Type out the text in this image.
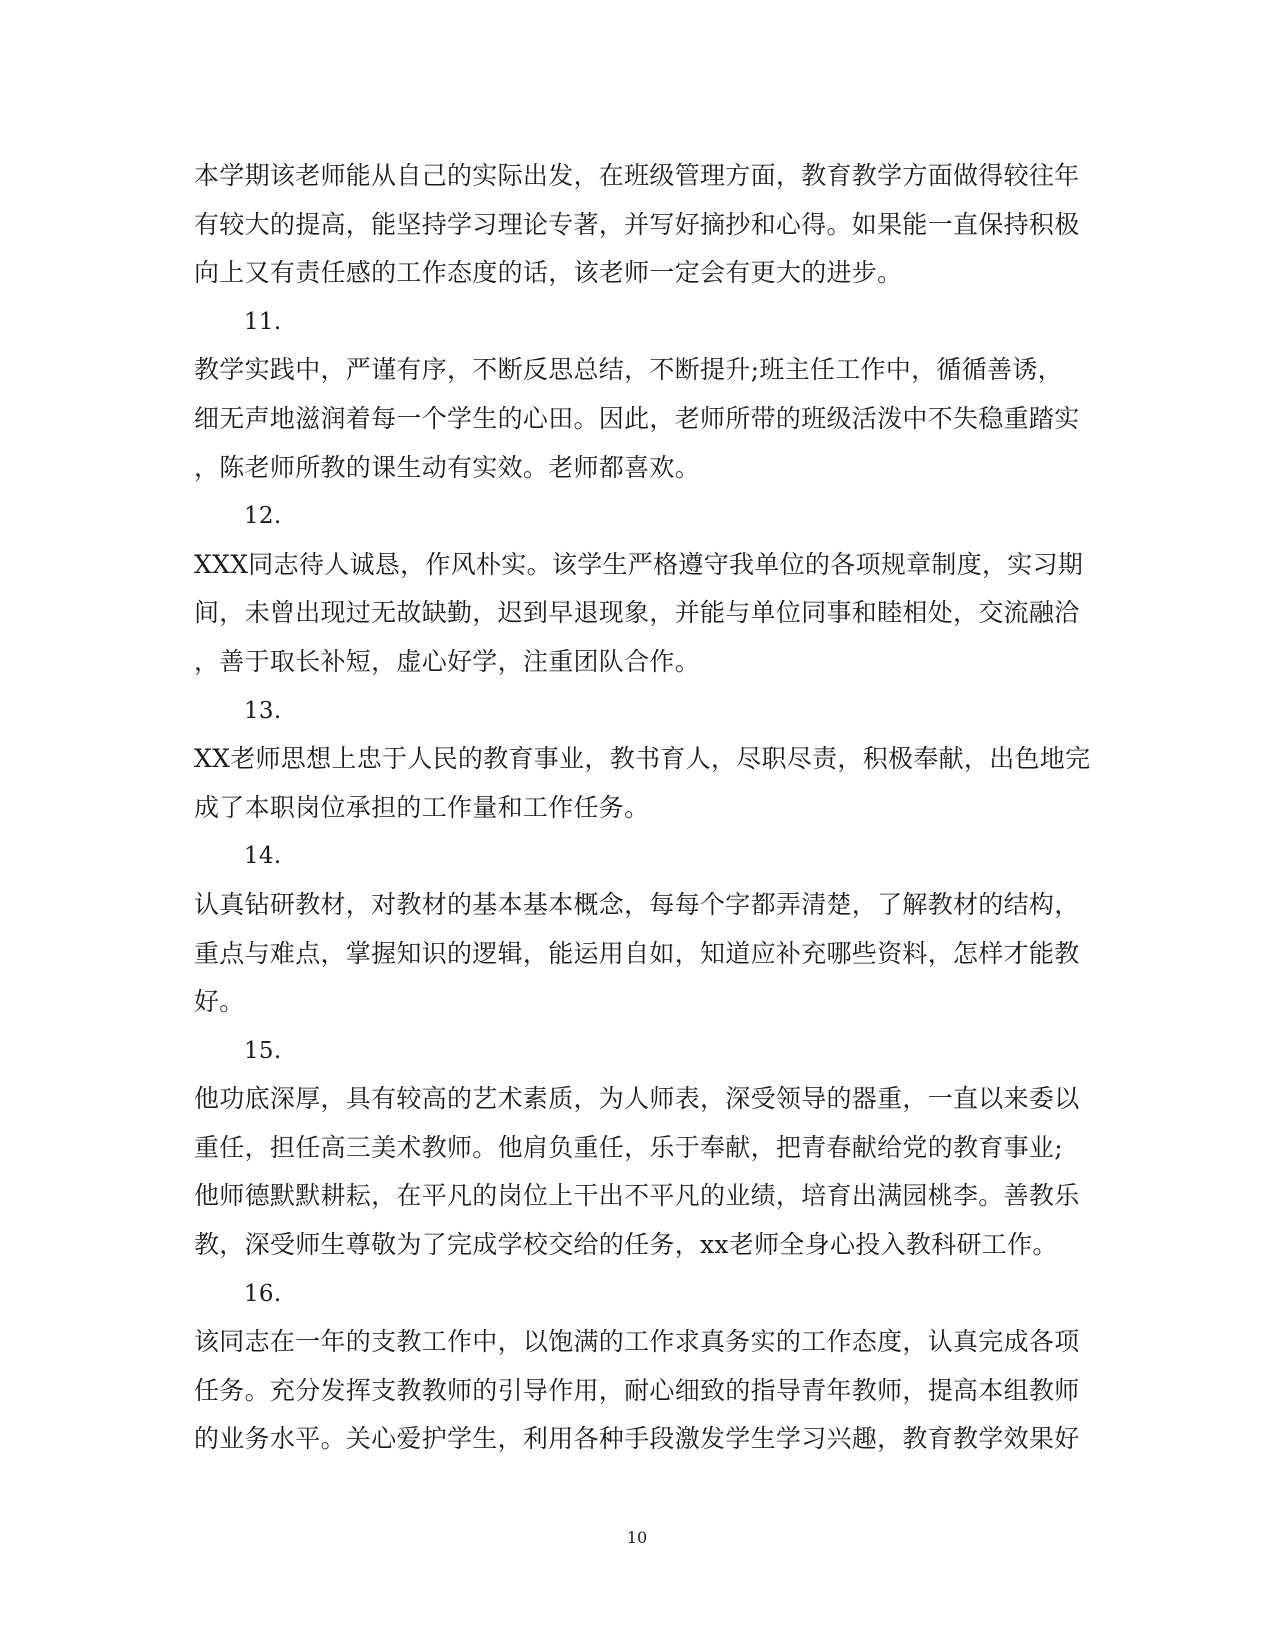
本学期该老师能从自己的实际出发，在班级管理方面，教育教学方面做得较往年
有较大的提高，能坚持学习理论专著，并写好摘抄和心得。如果能一直保持积极
向上又有责任感的工作态度的话，该老师一定会有更大的进步。
11.
教学实践中，严谨有序，不断反思总结，不断提升;班主任工作中，循循善诱，
细无声地滋润着每一个学生的心田。因此，老师所带的班级活泼中不失稳重踏实
，陈老师所教的课生动有实效。老师都喜欢。
12.
XXX同志待人诚恳，作风朴实。该学生严格遵守我单位的各项规章制度，实习期
间，未曾出现过无故缺勤，迟到早退现象，并能与单位同事和睦相处，交流融洽
，善于取长补短，虚心好学，注重团队合作。
13.
XX老师思想上忠于人民的教育事业，教书育人，尽职尽责，积极奉献，出色地完
成了本职岗位承担的工作量和工作任务。
14.
认真钻研教材，对教材的基本基本概念，每每个字都弄清楚，了解教材的结构，
重点与难点，掌握知识的逻辑，能运用自如，知道应补充哪些资料，怎样才能教
好。
15.
他功底深厚，具有较高的艺术素质，为人师表，深受领导的器重，一直以来委以
重任，担任高三美术教师。他肩负重任，乐于奉献，把青春献给党的教育事业;
他师德默默耕耘，在平凡的岗位上干出不平凡的业绩，培育出满园桃李。善教乐
教，深受师生尊敬为了完成学校交给的任务，xx老师全身心投入教科研工作。
16.
该同志在一年的支教工作中，以饱满的工作求真务实的工作态度，认真完成各项
任务。充分发挥支教教师的引导作用，耐心细致的指导青年教师，提高本组教师
的业务水平。关心爱护学生，利用各种手段激发学生学习兴趣，教育教学效果好
10
